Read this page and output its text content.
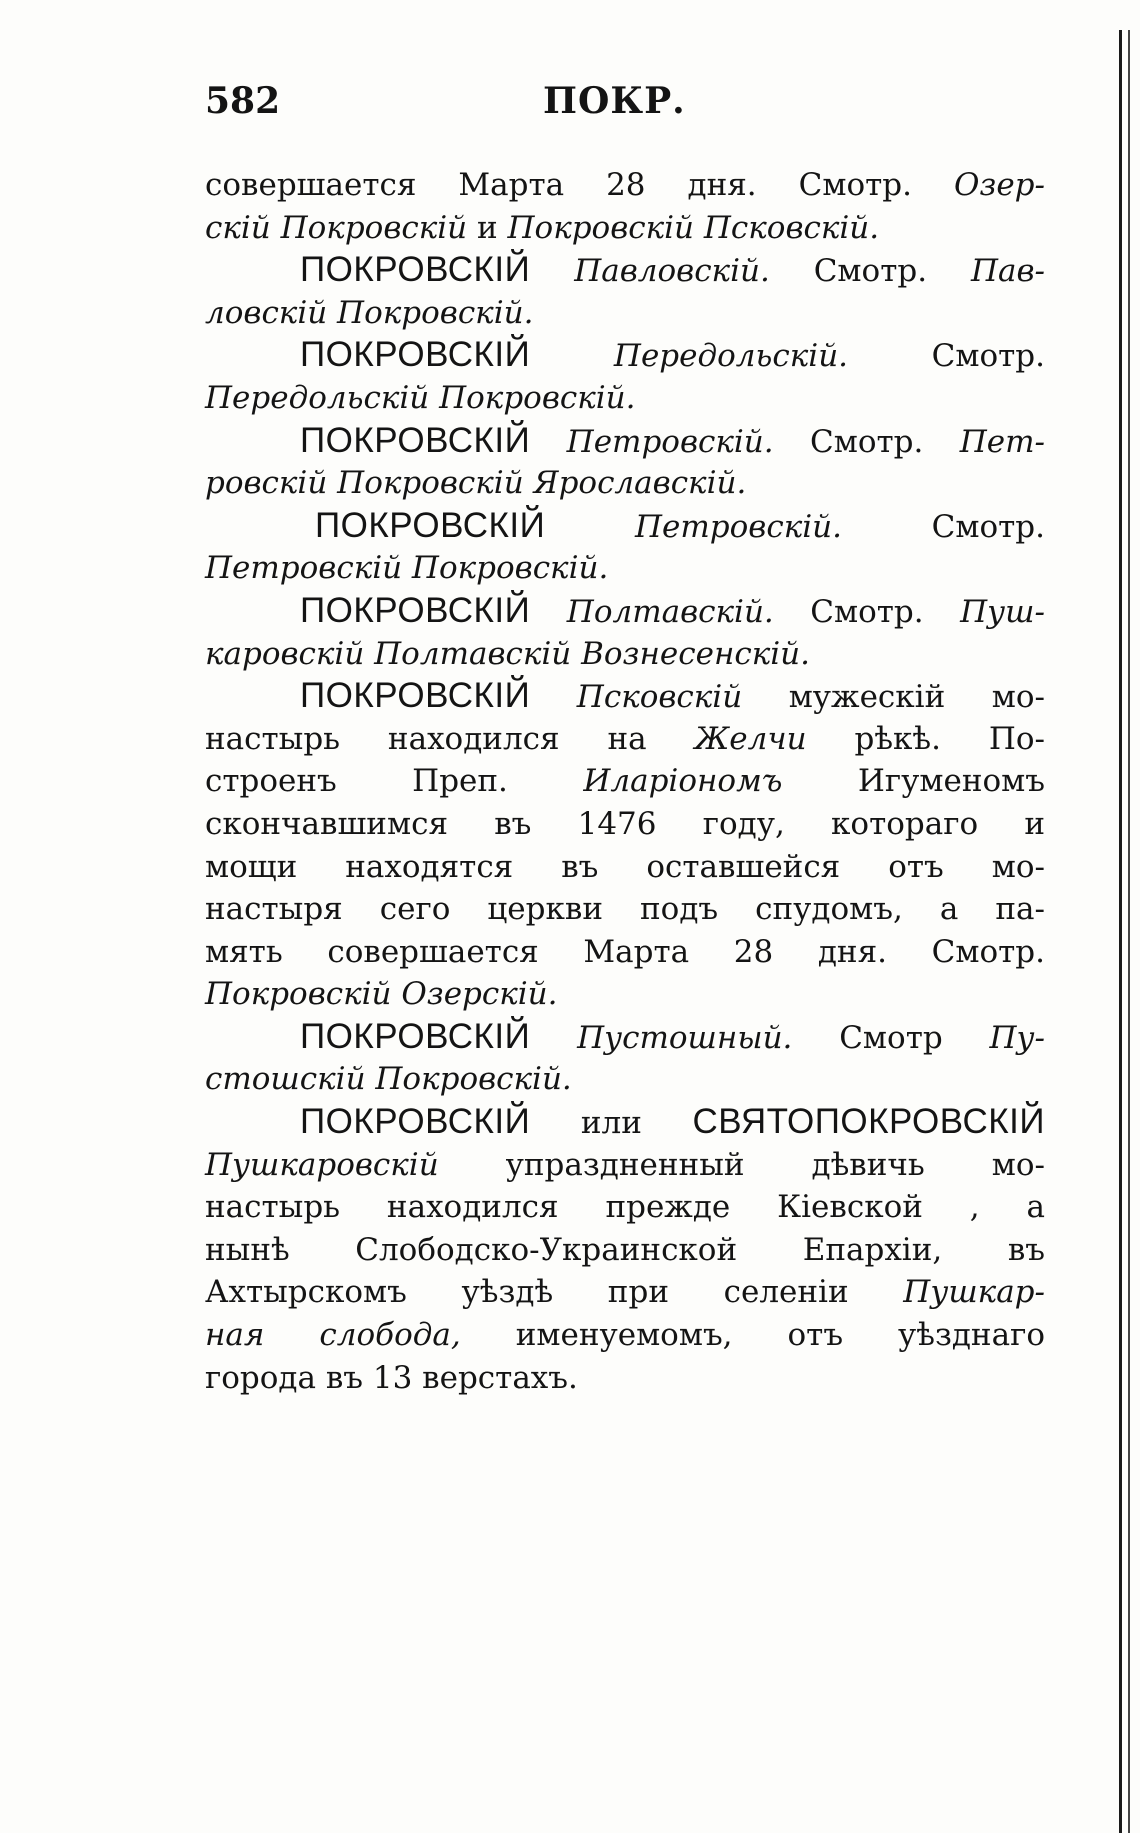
582	ПОКР.
совершается Марта 28 дня. Смотр. Озер-
скій Покровскій и Покровскій Псковскій.
ПОКРОВСКІЙ Павловскій. Смотр. Пав-
ловскій Покровскій.
ПОКРОВСКІЙ Передольскій. Смотр.
Передольскій Покровскій.
ПОКРОВСКІЙ Петровскій. Смотр. Пет-
ровскій Покровскій Ярославскій.
ПОКРОВСКІЙ Петровскій. Смотр.
Петровскій Покровскій.
ПОКРОВСКІЙ Полтавскій. Смотр. Пуш-
каровскій Полтавскій Вознесенскій.
ПОКРОВСКІЙ Псковскій мужескій мо-
настырь находился на Желчи рѣкѣ. По-
строенъ Преп. Иларіономъ Игуменомъ
скончавшимся въ 1476 году, котораго и
мощи находятся въ оставшейся отъ мо-
настыря сего церкви подъ спудомъ, а па-
мять совершается Марта 28 дня. Смотр.
Покровскій Озерскій.
ПОКРОВСКІЙ Пустошный. Смотр Пу-
стошскій Покровскій.
ПОКРОВСКІЙ или СВЯТОПОКРОВСКІЙ
Пушкаровскій упраздненный дѣвичь мо-
настырь находился прежде Кіевской , а
нынѣ Слободско-Украинской Епархіи, въ
Ахтырскомъ уѣздѣ при селеніи Пушкар-
ная слобода, именуемомъ, отъ уѣзднаго
города въ 13 верстахъ.
